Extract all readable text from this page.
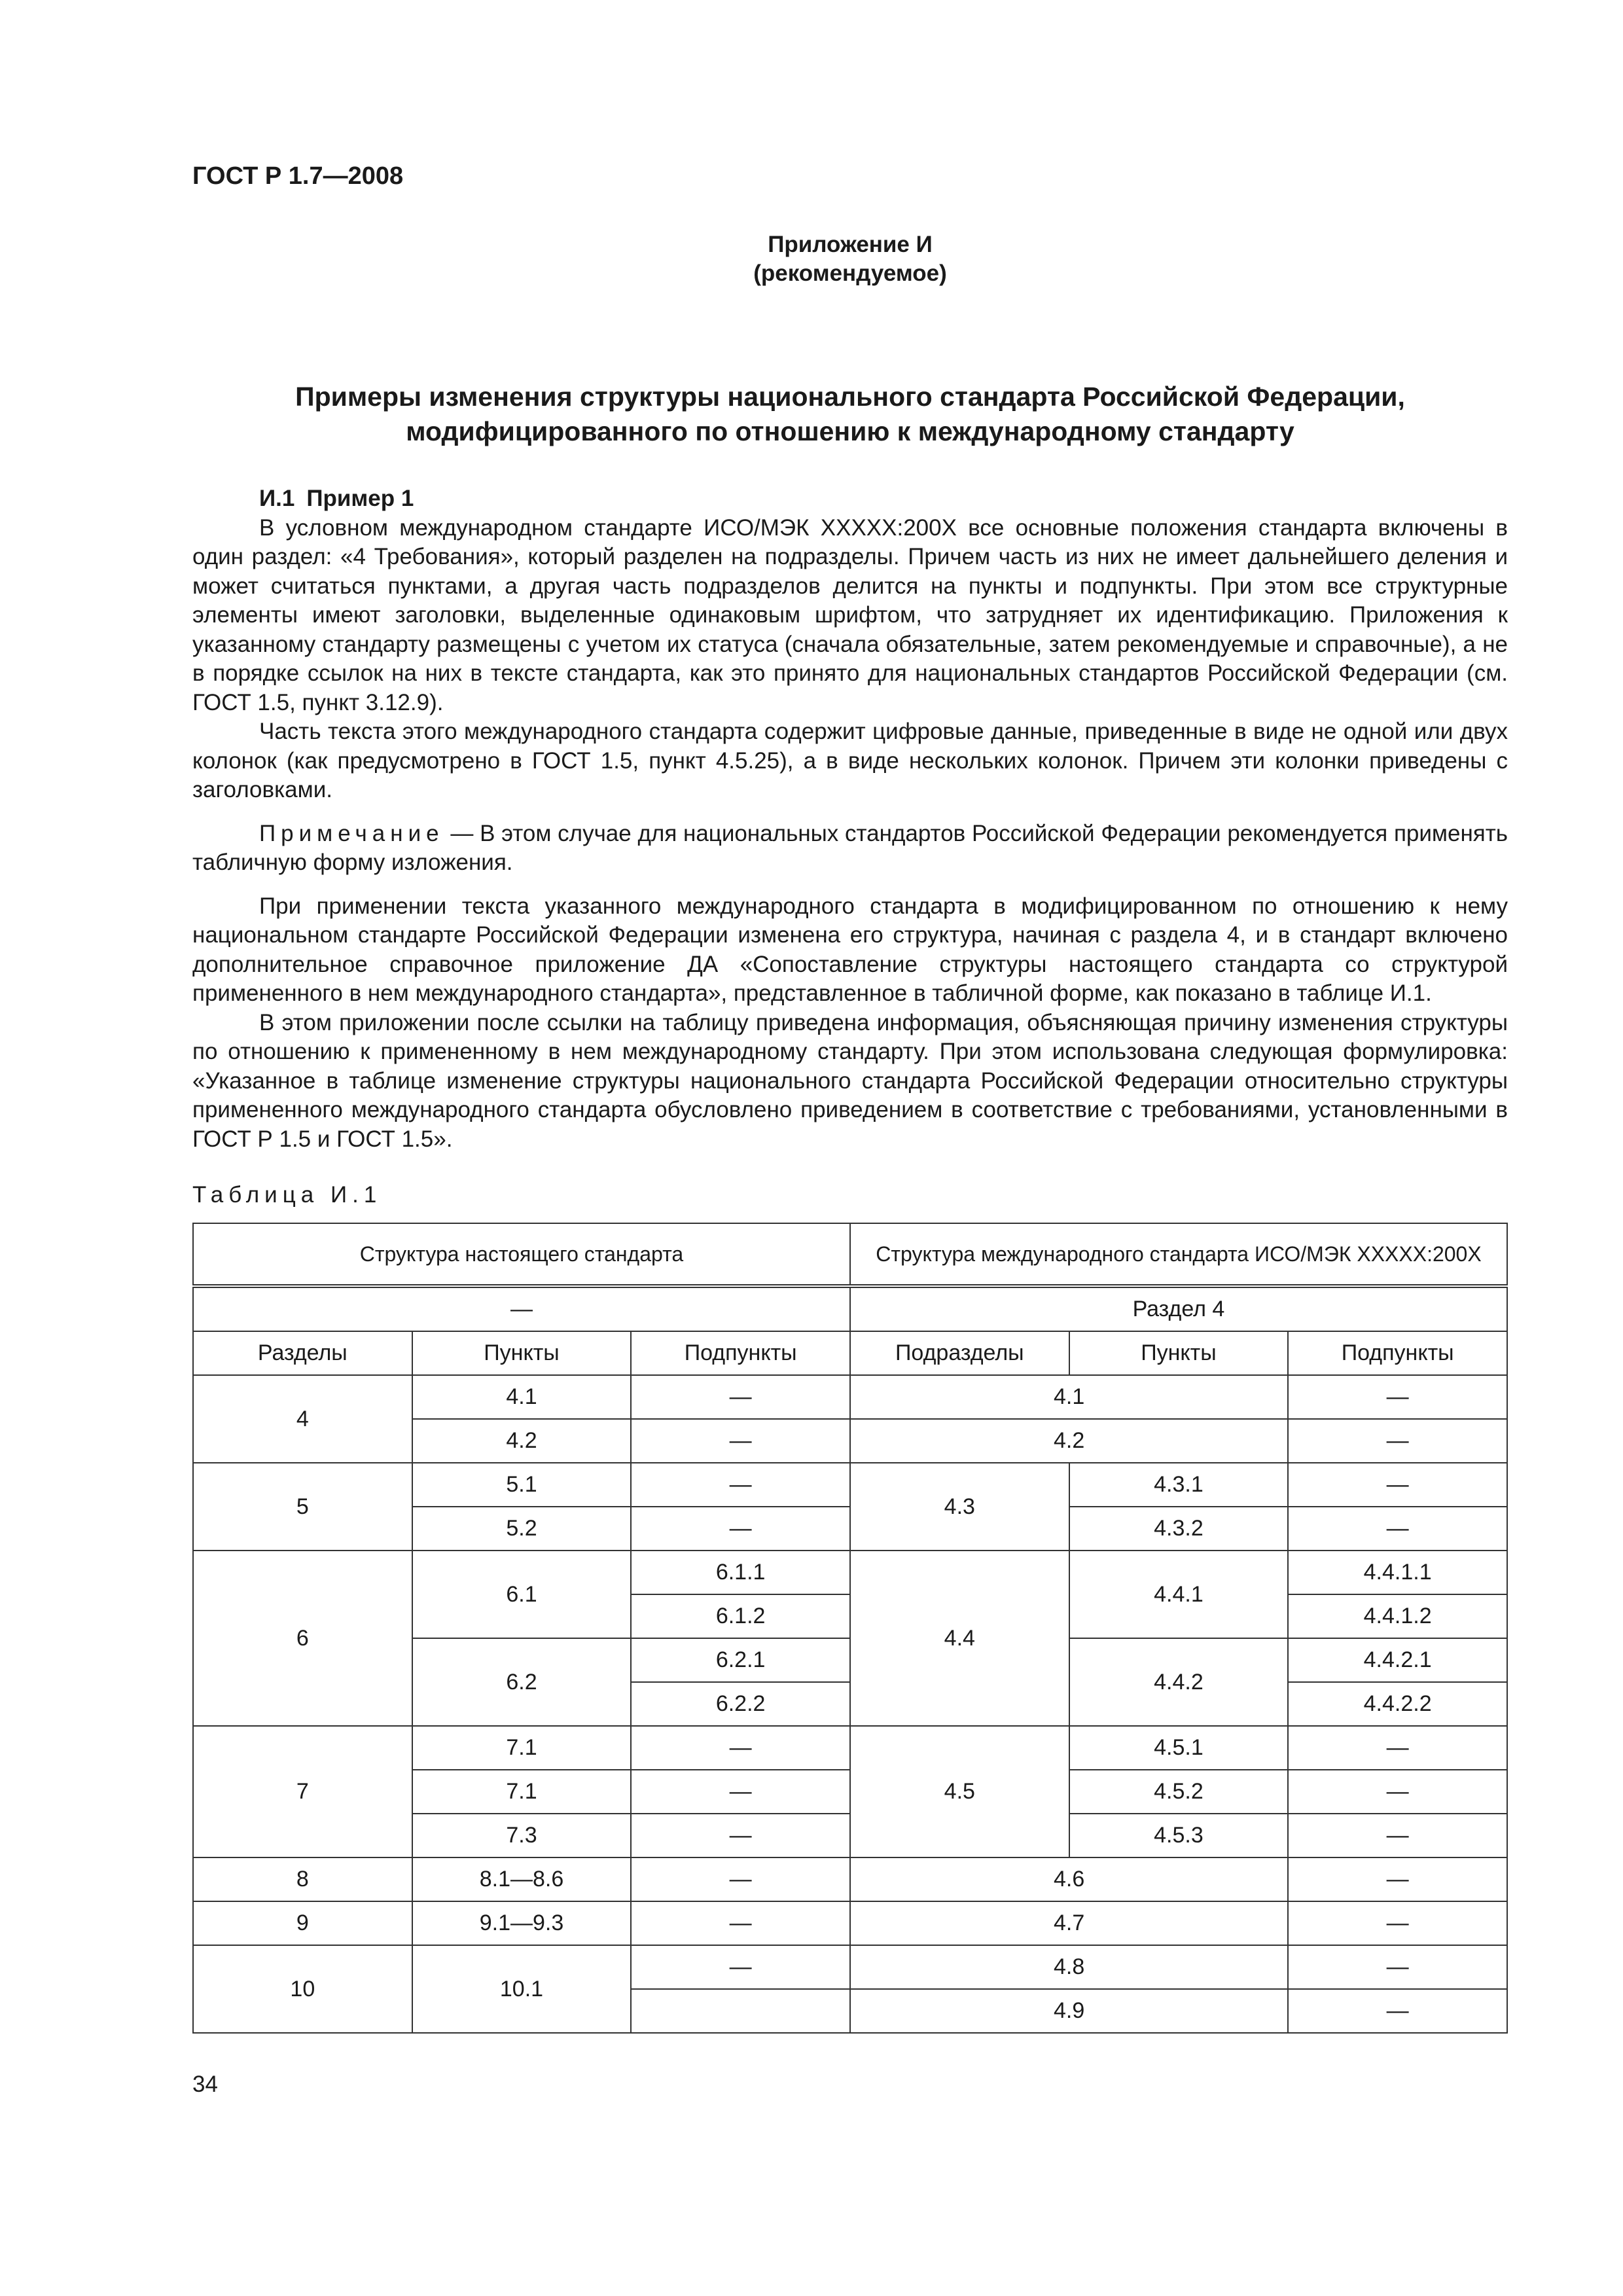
ГОСТ Р 1.7—2008
Приложение И
(рекомендуемое)
Примеры изменения структуры национального стандарта Российской Федерации,
модифицированного по отношению к международному стандарту
И.1 Пример 1

В условном международном стандарте ИСО/МЭК XXXXX:200X все основные положения стандарта включены в один раздел: «4 Требования», который разделен на подразделы. Причем часть из них не имеет дальнейшего деления и может считаться пунктами, а другая часть подразделов делится на пункты и подпункты. При этом все структурные элементы имеют заголовки, выделенные одинаковым шрифтом, что затрудняет их идентификацию. Приложения к указанному стандарту размещены с учетом их статуса (сначала обязательные, затем рекомендуемые и справочные), а не в порядке ссылок на них в тексте стандарта, как это принято для национальных стандартов Российской Федерации (см. ГОСТ 1.5, пункт 3.12.9).

Часть текста этого международного стандарта содержит цифровые данные, приведенные в виде не одной или двух колонок (как предусмотрено в ГОСТ 1.5, пункт 4.5.25), а в виде нескольких колонок. Причем эти колонки приведены с заголовками.

Примечание — В этом случае для национальных стандартов Российской Федерации рекомендуется применять табличную форму изложения.

При применении текста указанного международного стандарта в модифицированном по отношению к нему национальном стандарте Российской Федерации изменена его структура, начиная с раздела 4, и в стандарт включено дополнительное справочное приложение ДА «Сопоставление структуры настоящего стандарта со структурой примененного в нем международного стандарта», представленное в табличной форме, как показано в таблице И.1.

В этом приложении после ссылки на таблицу приведена информация, объясняющая причину изменения структуры по отношению к примененному в нем международному стандарту. При этом использована следующая формулировка: «Указанное в таблице изменение структуры национального стандарта Российской Федерации относительно структуры примененного международного стандарта обусловлено приведением в соответствие с требованиями, установленными в ГОСТ Р 1.5 и ГОСТ 1.5».

Таблица И.1
Структура настоящего стандарта			Структура международного стандарта ИСО/МЭК XXXXX:200X		
—			Раздел 4		
Разделы	Пункты	Подпункты	Подразделы	Пункты	Подпункты
4	4.1	—	4.1		—
	4.2	—	4.2		—
5	5.1	—	4.3	4.3.1	—
	5.2	—		4.3.2	—
6	6.1	6.1.1	4.4	4.4.1	4.4.1.1
		6.1.2			4.4.1.2
	6.2	6.2.1		4.4.2	4.4.2.1
		6.2.2			4.4.2.2
7	7.1	—	4.5	4.5.1	—
	7.1	—		4.5.2	—
	7.3	—		4.5.3	—
8	8.1—8.6	—	4.6		—
9	9.1—9.3	—	4.7		—
10	10.1	—	4.8		—
			4.9		—
34
